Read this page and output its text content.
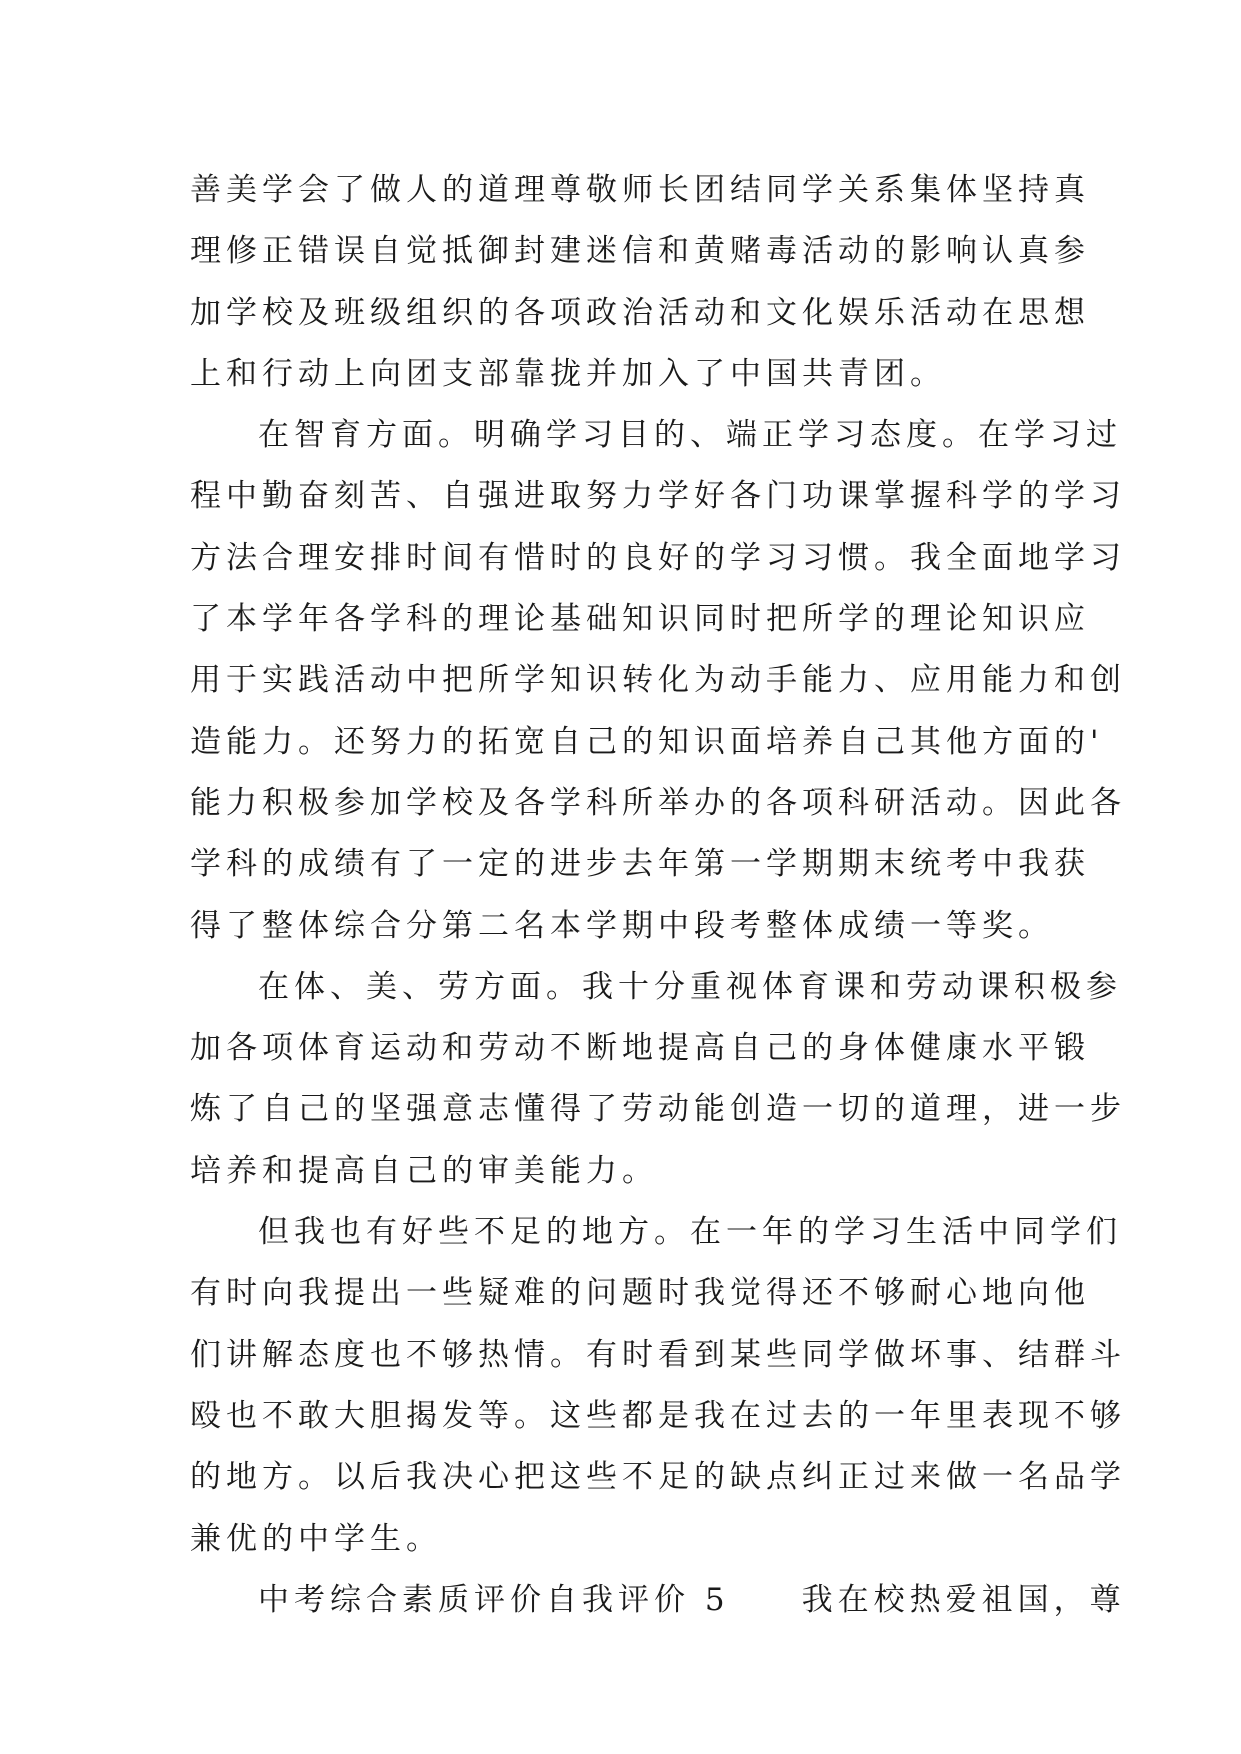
善美学会了做人的道理尊敬师长团结同学关系集体坚持真
理修正错误自觉抵御封建迷信和黄赌毒活动的影响认真参
加学校及班级组织的各项政治活动和文化娱乐活动在思想
上和行动上向团支部靠拢并加入了中国共青团。
在智育方面。明确学习目的、端正学习态度。在学习过
程中勤奋刻苦、自强进取努力学好各门功课掌握科学的学习
方法合理安排时间有惜时的良好的学习习惯。我全面地学习
了本学年各学科的理论基础知识同时把所学的理论知识应
用于实践活动中把所学知识转化为动手能力、应用能力和创
造能力。还努力的拓宽自己的知识面培养自己其他方面的'
能力积极参加学校及各学科所举办的各项科研活动。因此各
学科的成绩有了一定的进步去年第一学期期末统考中我获
得了整体综合分第二名本学期中段考整体成绩一等奖。
在体、美、劳方面。我十分重视体育课和劳动课积极参
加各项体育运动和劳动不断地提高自己的身体健康水平锻
炼了自己的坚强意志懂得了劳动能创造一切的道理，进一步
培养和提高自己的审美能力。
但我也有好些不足的地方。在一年的学习生活中同学们
有时向我提出一些疑难的问题时我觉得还不够耐心地向他
们讲解态度也不够热情。有时看到某些同学做坏事、结群斗
殴也不敢大胆揭发等。这些都是我在过去的一年里表现不够
的地方。以后我决心把这些不足的缺点纠正过来做一名品学
兼优的中学生。
中考综合素质评价自我评价 5　　我在校热爱祖国，尊
